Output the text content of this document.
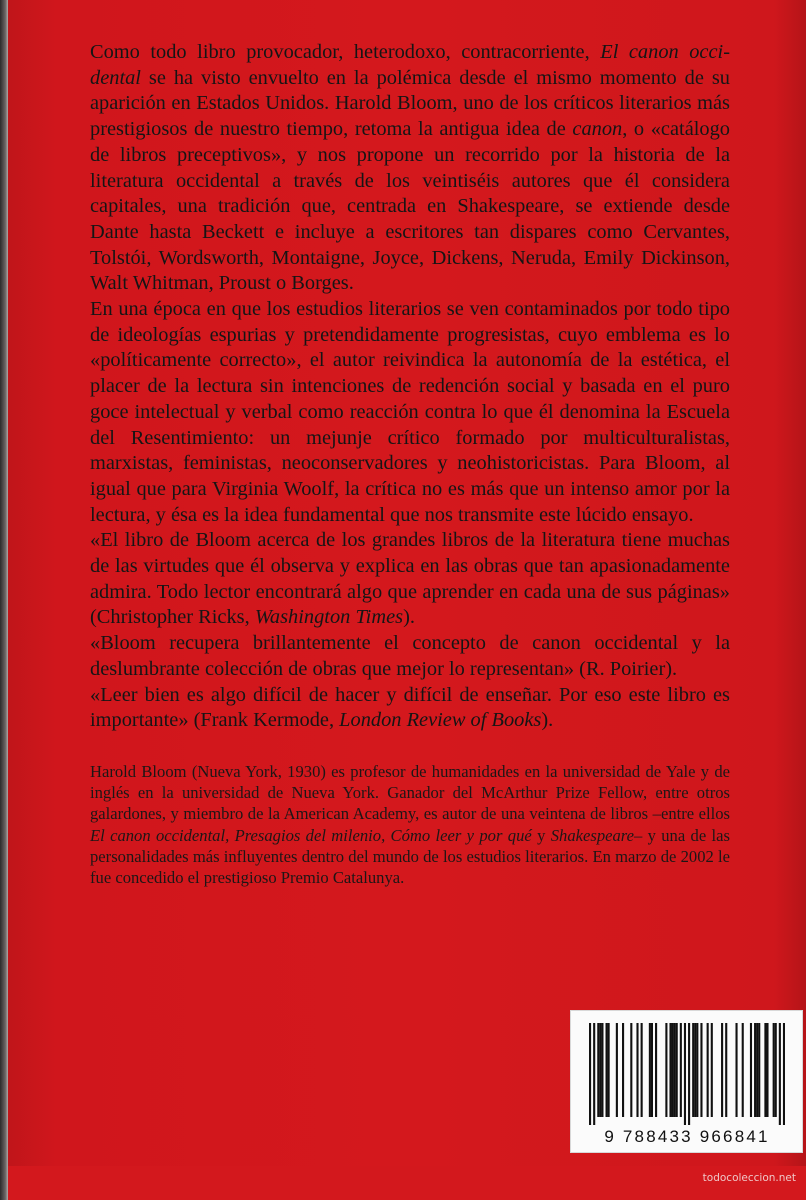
Como todo libro provocador, heterodoxo, contracorriente, El canon occi- dental se ha visto envuelto en la polémica desde el mismo momento de su aparición en Estados Unidos. Harold Bloom, uno de los críticos literarios más prestigiosos de nuestro tiempo, retoma la antigua idea de canon, o «catálogo de libros preceptivos», y nos propone un recorrido por la historia de la literatura occidental a través de los veintiséis autores que él considera capitales, una tradición que, centrada en Shakespeare, se extiende desde Dante hasta Beckett e incluye a escritores tan dispares como Cervantes, Tolstói, Wordsworth, Montaigne, Joyce, Dickens, Neruda, Emily Dickinson, Walt Whitman, Proust o Borges.

En una época en que los estudios literarios se ven contaminados por todo tipo de ideologías espurias y pretendidamente progresistas, cuyo emblema es lo «políticamente correcto», el autor reivindica la autonomía de la estética, el placer de la lectura sin intenciones de redención social y basada en el puro goce intelectual y verbal como reacción contra lo que él denomina la Escuela del Resentimiento: un mejunje crítico formado por multiculturalistas, marxistas, feministas, neoconservadores y neohistoricistas. Para Bloom, al igual que para Virginia Woolf, la crítica no es más que un intenso amor por la lectura, y ésa es la idea fundamental que nos transmite este lúcido ensayo.

«El libro de Bloom acerca de los grandes libros de la literatura tiene muchas de las virtudes que él observa y explica en las obras que tan apasionadamente admira. Todo lector encontrará algo que aprender en cada una de sus páginas» (Christopher Ricks, Washington Times).

«Bloom recupera brillantemente el concepto de canon occidental y la deslumbrante colección de obras que mejor lo representan» (R. Poirier).

«Leer bien es algo difícil de hacer y difícil de enseñar. Por eso este libro es importante» (Frank Kermode, London Review of Books).

Harold Bloom (Nueva York, 1930) es profesor de humanidades en la universidad de Yale y de inglés en la universidad de Nueva York. Ganador del McArthur Prize Fellow, entre otros galardones, y miembro de la American Academy, es autor de una veintena de libros –entre ellos El canon occidental, Presagios del milenio, Cómo leer y por qué y Shakespeare– y una de las personalidades más influyentes dentro del mundo de los estudios literarios. En marzo de 2002 le fue concedido el prestigioso Premio Catalunya.

9 788433 966841
todocoleccion.net
